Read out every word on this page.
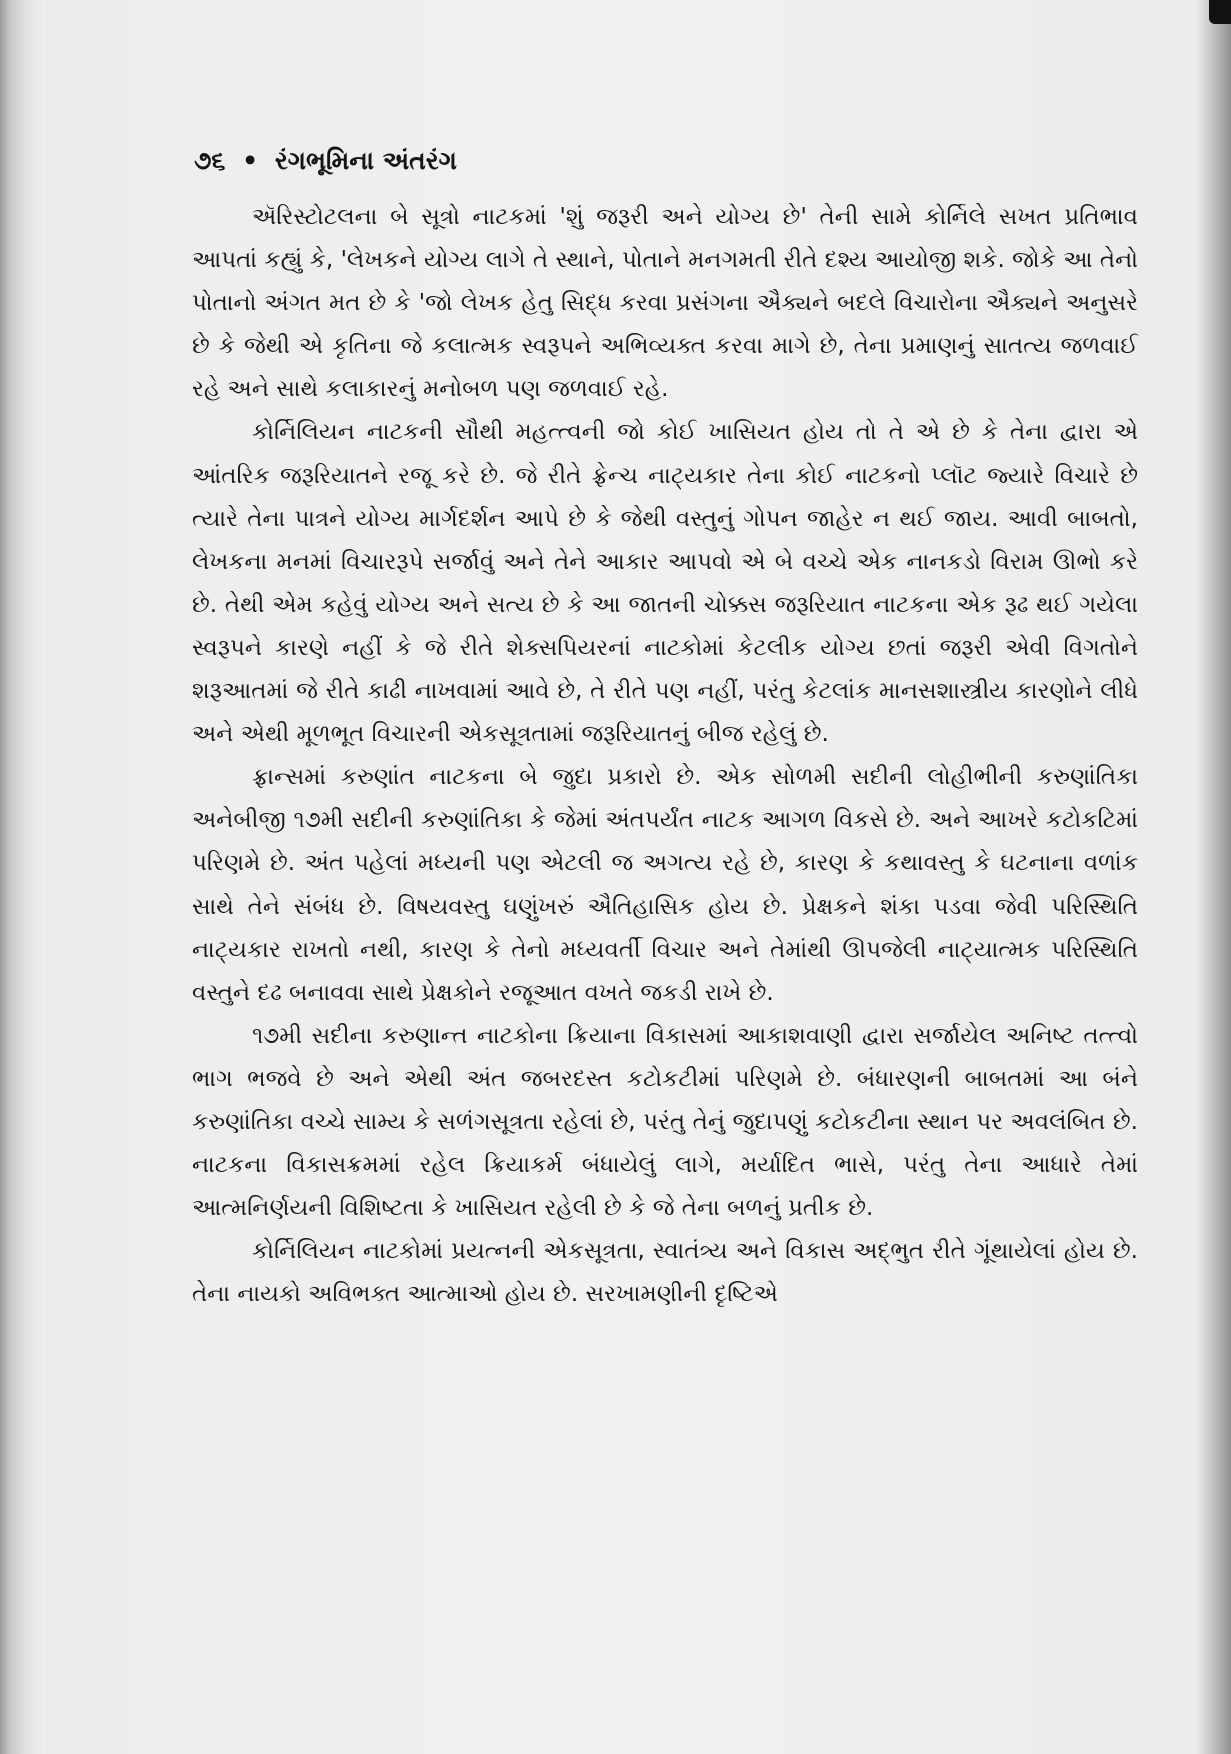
૭૬ • રંગભૂમિના અંતરંગ

ઍરિસ્ટોટલના બે સૂત્રો નાટકમાં 'શું જરૂરી અને યોગ્ય છે' તેની સામે કોર્નિલે સખત પ્રતિભાવ આપતાં કહ્યું કે, 'લેખકને યોગ્ય લાગે તે સ્થાને, પોતાને મનગમતી રીતે દશ્ય આયોજી શકે. જોકે આ તેનો પોતાનો અંગત મત છે કે 'જો લેખક હેતુ સિદ્ધ કરવા પ્રસંગના ઐક્યને બદલે વિચારોના ઐક્યને અનુસરે છે કે જેથી એ કૃતિના જે કલાત્મક સ્વરૂપને અભિવ્યક્ત કરવા માગે છે, તેના પ્રમાણનું સાતત્ય જળવાઈ રહે અને સાથે કલાકારનું મનોબળ પણ જળવાઈ રહે.

કોર્નિલિયન નાટકની સૌથી મહત્ત્વની જો કોઈ ખાસિયત હોય તો તે એ છે કે તેના દ્વારા એ આંતરિક જરૂરિયાતને રજૂ કરે છે. જે રીતે ફ્રેન્ચ નાટ્યકાર તેના કોઈ નાટકનો પ્લૉટ જ્યારે વિચારે છે ત્યારે તેના પાત્રને યોગ્ય માર્ગદર્શન આપે છે કે જેથી વસ્તુનું ગોપન જાહેર ન થઈ જાય. આવી બાબતો, લેખકના મનમાં વિચારરૂપે સર્જાવું અને તેને આકાર આપવો એ બે વચ્ચે એક નાનકડો વિરામ ઊભો કરે છે. તેથી એમ કહેવું યોગ્ય અને સત્ય છે કે આ જાતની ચોક્કસ જરૂરિયાત નાટકના એક રૂઢ થઈ ગયેલા સ્વરૂપને કારણે નહીં કે જે રીતે શેક્સપિયરનાં નાટકોમાં કેટલીક યોગ્ય છતાં જરૂરી એવી વિગતોને શરૂઆતમાં જે રીતે કાઢી નાખવામાં આવે છે, તે રીતે પણ નહીં, પરંતુ કેટલાંક માનસશાસ્ત્રીય કારણોને લીધે અને એથી મૂળભૂત વિચારની એકસૂત્રતામાં જરૂરિયાતનું બીજ રહેલું છે.

ફ્રાન્સમાં કરુણાંત નાટકના બે જુદા પ્રકારો છે. એક સોળમી સદીની લોહીભીની કરુણાંતિકા અનેબીજી ૧૭મી સદીની કરુણાંતિકા કે જેમાં અંતપર્યંત નાટક આગળ વિકસે છે. અને આખરે કટોકટિમાં પરિણમે છે. અંત પહેલાં મધ્યની પણ એટલી જ અગત્ય રહે છે, કારણ કે કથાવસ્તુ કે ઘટનાના વળાંક સાથે તેને સંબંધ છે. વિષયવસ્તુ ઘણુંખરું ઐતિહાસિક હોય છે. પ્રેક્ષકને શંકા પડવા જેવી પરિસ્થિતિ નાટ્યકાર રાખતો નથી, કારણ કે તેનો મધ્યવર્તી વિચાર અને તેમાંથી ઊપજેલી નાટ્યાત્મક પરિસ્થિતિ વસ્તુને દઢ બનાવવા સાથે પ્રેક્ષકોને રજૂઆત વખતે જકડી રાખે છે.

૧૭મી સદીના કરુણાન્ત નાટકોના ક્રિયાના વિકાસમાં આકાશવાણી દ્વારા સર્જાયેલ અનિષ્ટ તત્ત્વો ભાગ ભજવે છે અને એથી અંત જબરદસ્ત કટોકટીમાં પરિણમે છે. બંધારણની બાબતમાં આ બંને કરુણાંતિકા વચ્ચે સામ્ય કે સળંગસૂત્રતા રહેલાં છે, પરંતુ તેનું જુદાપણું કટોકટીના સ્થાન પર અવલંબિત છે. નાટકના વિકાસક્રમમાં રહેલ ક્રિયાકર્મ બંધાયેલું લાગે, મર્યાદિત ભાસે, પરંતુ તેના આધારે તેમાં આત્મનિર્ણયની વિશિષ્ટતા કે ખાસિયત રહેલી છે કે જે તેના બળનું પ્રતીક છે.

કોર્નિલિયન નાટકોમાં પ્રયત્નની એકસૂત્રતા, સ્વાતંત્ર્ય અને વિકાસ અદ્ભુત રીતે ગૂંથાયેલાં હોય છે. તેના નાયકો અવિભક્ત આત્માઓ હોય છે. સરખામણીની દૃષ્ટિએ
